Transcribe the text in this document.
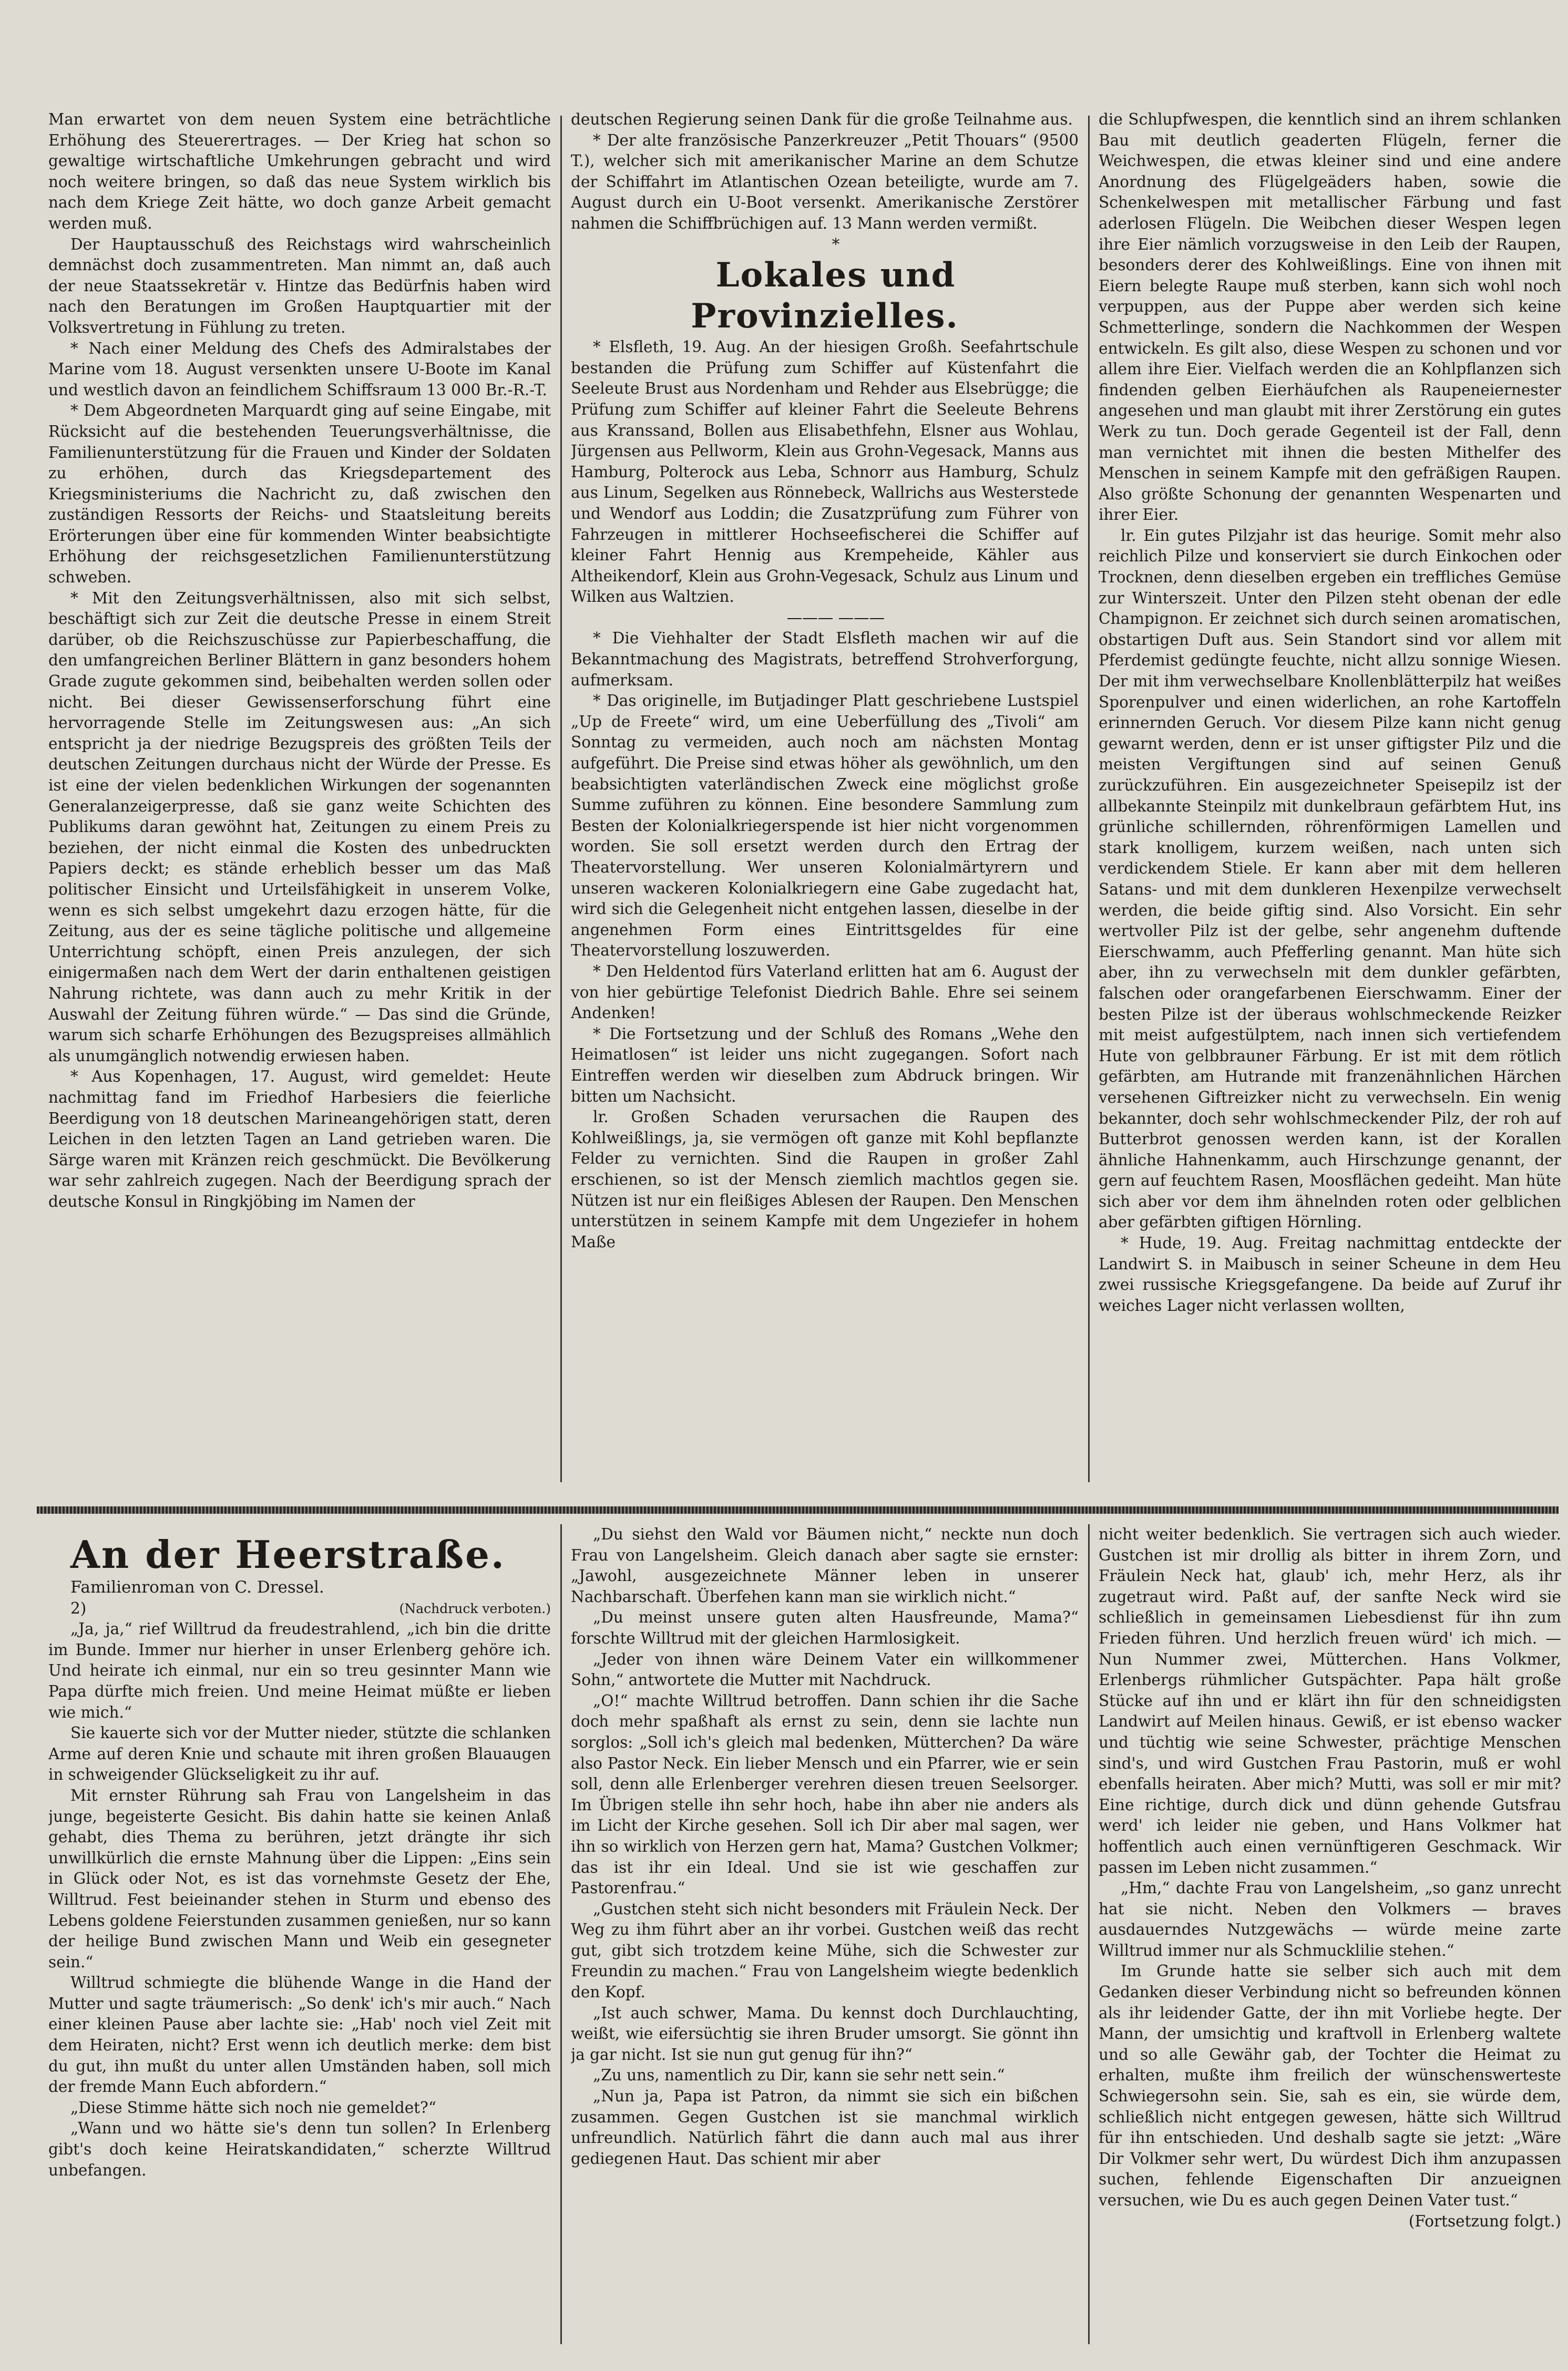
Man erwartet von dem neuen System eine beträchtliche Erhöhung des Steuerertrages. — Der Krieg hat schon so gewaltige wirtschaftliche Umkehrungen gebracht und wird noch weitere bringen, so daß das neue System wirklich bis nach dem Kriege Zeit hätte, wo doch ganze Arbeit gemacht werden muß.

Der Hauptausschuß des Reichstags wird wahrscheinlich demnächst doch zusammentreten. Man nimmt an, daß auch der neue Staatssekretär v. Hintze das Bedürfnis haben wird nach den Beratungen im Großen Hauptquartier mit der Volksvertretung in Fühlung zu treten.

* Nach einer Meldung des Chefs des Admiralstabes der Marine vom 18. August versenkten unsere U-Boote im Kanal und westlich davon an feindlichem Schiffsraum 13 000 Br.-R.-T.

* Dem Abgeordneten Marquardt ging auf seine Eingabe, mit Rücksicht auf die bestehenden Teuerungsverhältnisse, die Familienunterstützung für die Frauen und Kinder der Soldaten zu erhöhen, durch das Kriegsdepartement des Kriegsministeriums die Nachricht zu, daß zwischen den zuständigen Ressorts der Reichs- und Staatsleitung bereits Erörterungen über eine für kommenden Winter beabsichtigte Erhöhung der reichsgesetzlichen Familienunterstützung schweben.

* Mit den Zeitungsverhältnissen, also mit sich selbst, beschäftigt sich zur Zeit die deutsche Presse in einem Streit darüber, ob die Reichszuschüsse zur Papierbeschaffung, die den umfangreichen Berliner Blättern in ganz besonders hohem Grade zugute gekommen sind, beibehalten werden sollen oder nicht. Bei dieser Gewissenserforschung führt eine hervorragende Stelle im Zeitungswesen aus: „An sich entspricht ja der niedrige Bezugspreis des größten Teils der deutschen Zeitungen durchaus nicht der Würde der Presse. Es ist eine der vielen bedenklichen Wirkungen der sogenannten Generalanzeigerpresse, daß sie ganz weite Schichten des Publikums daran gewöhnt hat, Zeitungen zu einem Preis zu beziehen, der nicht einmal die Kosten des unbedruckten Papiers deckt; es stände erheblich besser um das Maß politischer Einsicht und Urteilsfähigkeit in unserem Volke, wenn es sich selbst umgekehrt dazu erzogen hätte, für die Zeitung, aus der es seine tägliche politische und allgemeine Unterrichtung schöpft, einen Preis anzulegen, der sich einigermaßen nach dem Wert der darin enthaltenen geistigen Nahrung richtete, was dann auch zu mehr Kritik in der Auswahl der Zeitung führen würde.“ — Das sind die Gründe, warum sich scharfe Erhöhungen des Bezugspreises allmählich als unumgänglich notwendig erwiesen haben.

* Aus Kopenhagen, 17. August, wird gemeldet: Heute nachmittag fand im Friedhof Harbesiers die feierliche Beerdigung von 18 deutschen Marineangehörigen statt, deren Leichen in den letzten Tagen an Land getrieben waren. Die Särge waren mit Kränzen reich geschmückt. Die Bevölkerung war sehr zahlreich zugegen. Nach der Beerdigung sprach der deutsche Konsul in Ringkjöbing im Namen der

deutschen Regierung seinen Dank für die große Teilnahme aus.

* Der alte französische Panzerkreuzer „Petit Thouars“ (9500 T.), welcher sich mit amerikanischer Marine an dem Schutze der Schiffahrt im Atlantischen Ozean beteiligte, wurde am 7. August durch ein U-Boot versenkt. Amerikanische Zerstörer nahmen die Schiffbrüchigen auf. 13 Mann werden vermißt.

*

Lokales und Provinzielles.

* Elsfleth, 19. Aug. An der hiesigen Großh. Seefahrtschule bestanden die Prüfung zum Schiffer auf Küstenfahrt die Seeleute Brust aus Nordenham und Rehder aus Elsebrügge; die Prüfung zum Schiffer auf kleiner Fahrt die Seeleute Behrens aus Kranssand, Bollen aus Elisabethfehn, Elsner aus Wohlau, Jürgensen aus Pellworm, Klein aus Grohn-Vegesack, Manns aus Hamburg, Polterock aus Leba, Schnorr aus Hamburg, Schulz aus Linum, Segelken aus Rönnebeck, Wallrichs aus Westerstede und Wendorf aus Loddin; die Zusatzprüfung zum Führer von Fahrzeugen in mittlerer Hochseefischerei die Schiffer auf kleiner Fahrt Hennig aus Krempeheide, Kähler aus Altheikendorf, Klein aus Grohn-Vegesack, Schulz aus Linum und Wilken aus Waltzien.

——— ———

* Die Viehhalter der Stadt Elsfleth machen wir auf die Bekanntmachung des Magistrats, betreffend Strohverforgung, aufmerksam.

* Das originelle, im Butjadinger Platt geschriebene Lustspiel „Up de Freete“ wird, um eine Ueberfüllung des „Tivoli“ am Sonntag zu vermeiden, auch noch am nächsten Montag aufgeführt. Die Preise sind etwas höher als gewöhnlich, um den beabsichtigten vaterländischen Zweck eine möglichst große Summe zuführen zu können. Eine besondere Sammlung zum Besten der Kolonialkriegerspende ist hier nicht vorgenommen worden. Sie soll ersetzt werden durch den Ertrag der Theatervorstellung. Wer unseren Kolonialmärtyrern und unseren wackeren Kolonialkriegern eine Gabe zugedacht hat, wird sich die Gelegenheit nicht entgehen lassen, dieselbe in der angenehmen Form eines Eintrittsgeldes für eine Theatervorstellung loszuwerden.

* Den Heldentod fürs Vaterland erlitten hat am 6. August der von hier gebürtige Telefonist Diedrich Bahle. Ehre sei seinem Andenken!

* Die Fortsetzung und der Schluß des Romans „Wehe den Heimatlosen“ ist leider uns nicht zugegangen. Sofort nach Eintreffen werden wir dieselben zum Abdruck bringen. Wir bitten um Nachsicht.

lr. Großen Schaden verursachen die Raupen des Kohlweißlings, ja, sie vermögen oft ganze mit Kohl bepflanzte Felder zu vernichten. Sind die Raupen in großer Zahl erschienen, so ist der Mensch ziemlich machtlos gegen sie. Nützen ist nur ein fleißiges Ablesen der Raupen. Den Menschen unterstützen in seinem Kampfe mit dem Ungeziefer in hohem Maße

die Schlupfwespen, die kenntlich sind an ihrem schlanken Bau mit deutlich geaderten Flügeln, ferner die Weichwespen, die etwas kleiner sind und eine andere Anordnung des Flügelgeäders haben, sowie die Schenkelwespen mit metallischer Färbung und fast aderlosen Flügeln. Die Weibchen dieser Wespen legen ihre Eier nämlich vorzugsweise in den Leib der Raupen, besonders derer des Kohlweißlings. Eine von ihnen mit Eiern belegte Raupe muß sterben, kann sich wohl noch verpuppen, aus der Puppe aber werden sich keine Schmetterlinge, sondern die Nachkommen der Wespen entwickeln. Es gilt also, diese Wespen zu schonen und vor allem ihre Eier. Vielfach werden die an Kohlpflanzen sich findenden gelben Eierhäufchen als Raupeneiernester angesehen und man glaubt mit ihrer Zerstörung ein gutes Werk zu tun. Doch gerade Gegenteil ist der Fall, denn man vernichtet mit ihnen die besten Mithelfer des Menschen in seinem Kampfe mit den gefräßigen Raupen. Also größte Schonung der genannten Wespenarten und ihrer Eier.

lr. Ein gutes Pilzjahr ist das heurige. Somit mehr also reichlich Pilze und konserviert sie durch Einkochen oder Trocknen, denn dieselben ergeben ein treffliches Gemüse zur Winterszeit. Unter den Pilzen steht obenan der edle Champignon. Er zeichnet sich durch seinen aromatischen, obstartigen Duft aus. Sein Standort sind vor allem mit Pferdemist gedüngte feuchte, nicht allzu sonnige Wiesen. Der mit ihm verwechselbare Knollenblätterpilz hat weißes Sporenpulver und einen widerlichen, an rohe Kartoffeln erinnernden Geruch. Vor diesem Pilze kann nicht genug gewarnt werden, denn er ist unser giftigster Pilz und die meisten Vergiftungen sind auf seinen Genuß zurückzuführen. Ein ausgezeichneter Speisepilz ist der allbekannte Steinpilz mit dunkelbraun gefärbtem Hut, ins grünliche schillernden, röhrenförmigen Lamellen und stark knolligem, kurzem weißen, nach unten sich verdickendem Stiele. Er kann aber mit dem helleren Satans- und mit dem dunkleren Hexenpilze verwechselt werden, die beide giftig sind. Also Vorsicht. Ein sehr wertvoller Pilz ist der gelbe, sehr angenehm duftende Eierschwamm, auch Pfefferling genannt. Man hüte sich aber, ihn zu verwechseln mit dem dunkler gefärbten, falschen oder orangefarbenen Eierschwamm. Einer der besten Pilze ist der überaus wohlschmeckende Reizker mit meist aufgestülptem, nach innen sich vertiefendem Hute von gelbbrauner Färbung. Er ist mit dem rötlich gefärbten, am Hutrande mit franzenähnlichen Härchen versehenen Giftreizker nicht zu verwechseln. Ein wenig bekannter, doch sehr wohlschmeckender Pilz, der roh auf Butterbrot genossen werden kann, ist der Korallen ähnliche Hahnenkamm, auch Hirschzunge genannt, der gern auf feuchtem Rasen, Moosflächen gedeiht. Man hüte sich aber vor dem ihm ähnelnden roten oder gelblichen aber gefärbten giftigen Hörnling.

* Hude, 19. Aug. Freitag nachmittag entdeckte der Landwirt S. in Maibusch in seiner Scheune in dem Heu zwei russische Kriegsgefangene. Da beide auf Zuruf ihr weiches Lager nicht verlassen wollten,

An der Heerstraße.

Familienroman von C. Dressel.

2)	(Nachdruck verboten.)

„Ja, ja,“ rief Willtrud da freudestrahlend, „ich bin die dritte im Bunde. Immer nur hierher in unser Erlenberg gehöre ich. Und heirate ich einmal, nur ein so treu gesinnter Mann wie Papa dürfte mich freien. Und meine Heimat müßte er lieben wie mich.“

Sie kauerte sich vor der Mutter nieder, stützte die schlanken Arme auf deren Knie und schaute mit ihren großen Blauaugen in schweigender Glückseligkeit zu ihr auf.

Mit ernster Rührung sah Frau von Langelsheim in das junge, begeisterte Gesicht. Bis dahin hatte sie keinen Anlaß gehabt, dies Thema zu berühren, jetzt drängte ihr sich unwillkürlich die ernste Mahnung über die Lippen: „Eins sein in Glück oder Not, es ist das vornehmste Gesetz der Ehe, Willtrud. Fest beieinander stehen in Sturm und ebenso des Lebens goldene Feierstunden zusammen genießen, nur so kann der heilige Bund zwischen Mann und Weib ein gesegneter sein.“

Willtrud schmiegte die blühende Wange in die Hand der Mutter und sagte träumerisch: „So denk' ich's mir auch.“ Nach einer kleinen Pause aber lachte sie: „Hab' noch viel Zeit mit dem Heiraten, nicht? Erst wenn ich deutlich merke: dem bist du gut, ihn mußt du unter allen Umständen haben, soll mich der fremde Mann Euch abfordern.“

„Diese Stimme hätte sich noch nie gemeldet?“

„Wann und wo hätte sie's denn tun sollen? In Erlenberg gibt's doch keine Heiratskandidaten,“ scherzte Willtrud unbefangen.

„Du siehst den Wald vor Bäumen nicht,“ neckte nun doch Frau von Langelsheim. Gleich danach aber sagte sie ernster: „Jawohl, ausgezeichnete Männer leben in unserer Nachbarschaft. Überfehen kann man sie wirklich nicht.“

„Du meinst unsere guten alten Hausfreunde, Mama?“ forschte Willtrud mit der gleichen Harmlosigkeit.

„Jeder von ihnen wäre Deinem Vater ein willkommener Sohn,“ antwortete die Mutter mit Nachdruck.

„O!“ machte Willtrud betroffen. Dann schien ihr die Sache doch mehr spaßhaft als ernst zu sein, denn sie lachte nun sorglos: „Soll ich's gleich mal bedenken, Mütterchen? Da wäre also Pastor Neck. Ein lieber Mensch und ein Pfarrer, wie er sein soll, denn alle Erlenberger verehren diesen treuen Seelsorger. Im Übrigen stelle ihn sehr hoch, habe ihn aber nie anders als im Licht der Kirche gesehen. Soll ich Dir aber mal sagen, wer ihn so wirklich von Herzen gern hat, Mama? Gustchen Volkmer; das ist ihr ein Ideal. Und sie ist wie geschaffen zur Pastorenfrau.“

„Gustchen steht sich nicht besonders mit Fräulein Neck. Der Weg zu ihm führt aber an ihr vorbei. Gustchen weiß das recht gut, gibt sich trotzdem keine Mühe, sich die Schwester zur Freundin zu machen.“ Frau von Langelsheim wiegte bedenklich den Kopf.

„Ist auch schwer, Mama. Du kennst doch Durchlauchting, weißt, wie eifersüchtig sie ihren Bruder umsorgt. Sie gönnt ihn ja gar nicht. Ist sie nun gut genug für ihn?“

„Zu uns, namentlich zu Dir, kann sie sehr nett sein.“

„Nun ja, Papa ist Patron, da nimmt sie sich ein bißchen zusammen. Gegen Gustchen ist sie manchmal wirklich unfreundlich. Natürlich fährt die dann auch mal aus ihrer gediegenen Haut. Das schient mir aber

nicht weiter bedenklich. Sie vertragen sich auch wieder. Gustchen ist mir drollig als bitter in ihrem Zorn, und Fräulein Neck hat, glaub' ich, mehr Herz, als ihr zugetraut wird. Paßt auf, der sanfte Neck wird sie schließlich in gemeinsamen Liebesdienst für ihn zum Frieden führen. Und herzlich freuen würd' ich mich. — Nun Nummer zwei, Mütterchen. Hans Volkmer, Erlenbergs rühmlicher Gutspächter. Papa hält große Stücke auf ihn und er klärt ihn für den schneidigsten Landwirt auf Meilen hinaus. Gewiß, er ist ebenso wacker und tüchtig wie seine Schwester, prächtige Menschen sind's, und wird Gustchen Frau Pastorin, muß er wohl ebenfalls heiraten. Aber mich? Mutti, was soll er mir mit? Eine richtige, durch dick und dünn gehende Gutsfrau werd' ich leider nie geben, und Hans Volkmer hat hoffentlich auch einen vernünftigeren Geschmack. Wir passen im Leben nicht zusammen.“

„Hm,“ dachte Frau von Langelsheim, „so ganz unrecht hat sie nicht. Neben den Volkmers — braves ausdauerndes Nutzgewächs — würde meine zarte Willtrud immer nur als Schmucklilie stehen.“

Im Grunde hatte sie selber sich auch mit dem Gedanken dieser Verbindung nicht so befreunden können als ihr leidender Gatte, der ihn mit Vorliebe hegte. Der Mann, der umsichtig und kraftvoll in Erlenberg waltete und so alle Gewähr gab, der Tochter die Heimat zu erhalten, mußte ihm freilich der wünschenswerteste Schwiegersohn sein. Sie, sah es ein, sie würde dem, schließlich nicht entgegen gewesen, hätte sich Willtrud für ihn entschieden. Und deshalb sagte sie jetzt: „Wäre Dir Volkmer sehr wert, Du würdest Dich ihm anzupassen suchen, fehlende Eigenschaften Dir anzueignen versuchen, wie Du es auch gegen Deinen Vater tust.“

(Fortsetzung folgt.)
